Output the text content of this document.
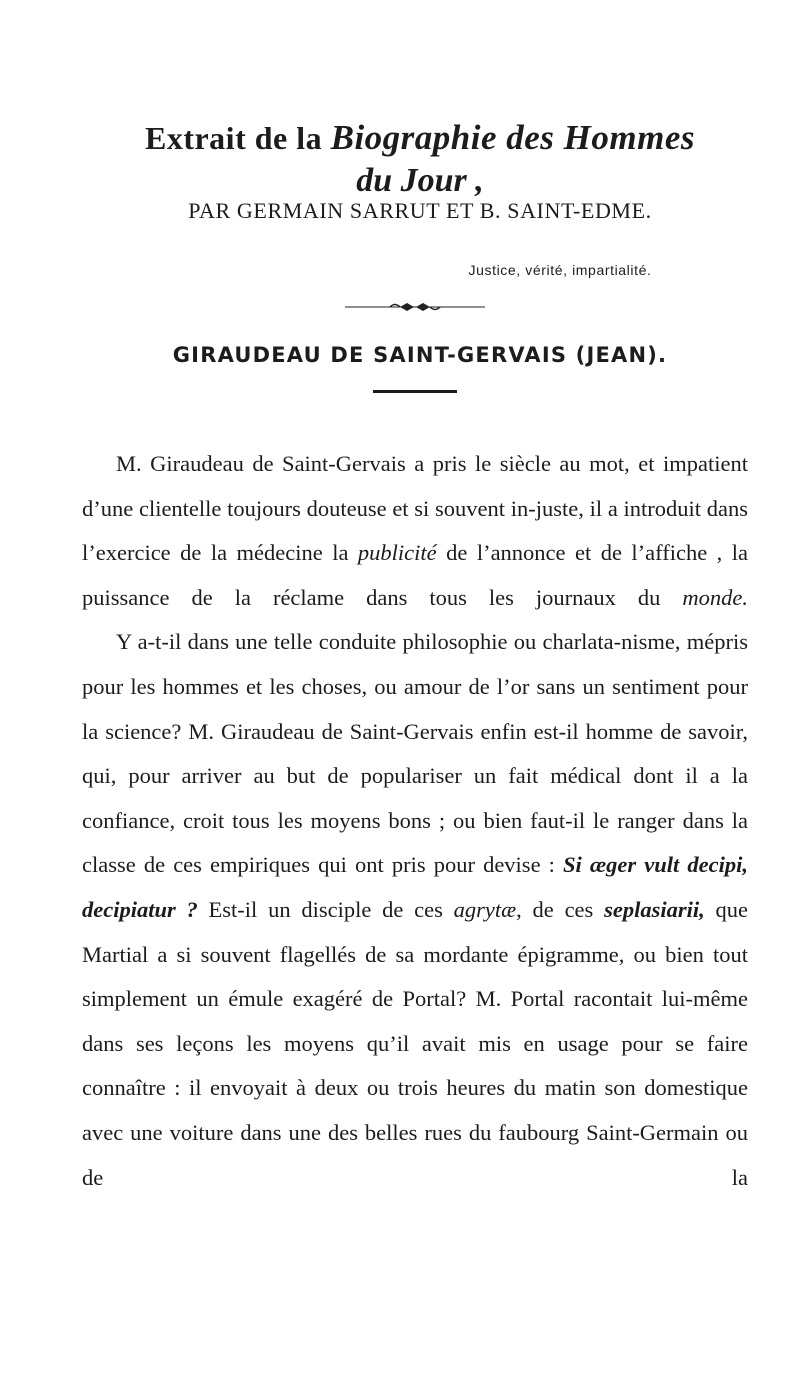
Extrait de la Biographie des Hommes
du Jour ,
PAR GERMAIN SARRUT ET B. SAINT-EDME.
Justice, vérité, impartialité.
GIRAUDEAU DE SAINT-GERVAIS (JEAN).

M. Giraudeau de Saint-Gervais a pris le siècle au mot, et impatient d’une clientelle toujours douteuse et si souvent in-juste, il a introduit dans l’exercice de la médecine la publicité de l’annonce et de l’affiche , la puissance de la réclame dans tous les journaux du monde.

Y a-t-il dans une telle conduite philosophie ou charlata-nisme, mépris pour les hommes et les choses, ou amour de l’or sans un sentiment pour la science? M. Giraudeau de Saint-Gervais enfin est-il homme de savoir, qui, pour arriver au but de populariser un fait médical dont il a la confiance, croit tous les moyens bons ; ou bien faut-il le ranger dans la classe de ces empiriques qui ont pris pour devise : Si æger vult decipi, decipiatur ? Est-il un disciple de ces agrytæ, de ces seplasiarii, que Martial a si souvent flagellés de sa mordante épigramme, ou bien tout simplement un émule exagéré de Portal? M. Portal racontait lui-même dans ses leçons les moyens qu’il avait mis en usage pour se faire connaître : il envoyait à deux ou trois heures du matin son domestique avec une voiture dans une des belles rues du faubourg Saint-Germain ou de la
